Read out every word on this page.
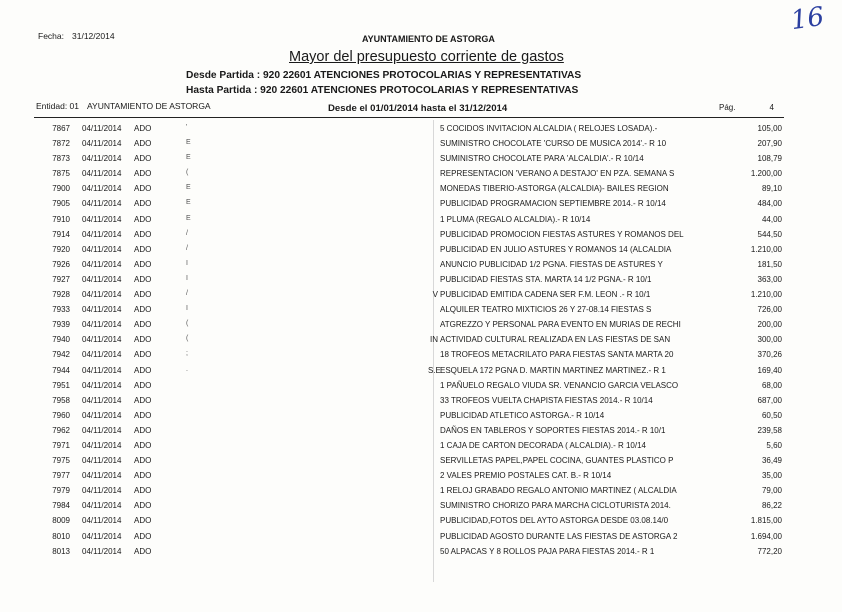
Fecha: 31/12/2014	AYUNTAMIENTO DE ASTORGA
16
Mayor del presupuesto corriente de gastos
Desde Partida : 920 22601 ATENCIONES PROTOCOLARIAS Y REPRESENTATIVAS
Hasta Partida : 920 22601 ATENCIONES PROTOCOLARIAS Y REPRESENTATIVAS
Entidad: 01 AYUNTAMIENTO DE ASTORGA	Desde el 01/01/2014 hasta el 31/12/2014	Pág.	4
7867 04/11/2014 ADO	'	5 COCIDOS INVITACION ALCALDIA ( RELOJES LOSADA).-	105,00
7872 04/11/2014 ADO	E	SUMINISTRO CHOCOLATE 'CURSO DE MUSICA 2014'.- R 10	207,90
7873 04/11/2014 ADO	E	SUMINISTRO CHOCOLATE PARA 'ALCALDIA'.- R 10/14	108,79
7875 04/11/2014 ADO	(	REPRESENTACION 'VERANO A DESTAJO' EN PZA. SEMANA S	1.200,00
7900 04/11/2014 ADO	E	MONEDAS TIBERIO-ASTORGA (ALCALDIA)- BAILES REGION	89,10
7905 04/11/2014 ADO	E	PUBLICIDAD PROGRAMACION SEPTIEMBRE 2014.- R 10/14	484,00
7910 04/11/2014 ADO	E	1 PLUMA (REGALO ALCALDIA).- R 10/14	44,00
7914 04/11/2014 ADO	/	PUBLICIDAD PROMOCION FIESTAS ASTURES Y ROMANOS DEL	544,50
7920 04/11/2014 ADO	/	PUBLICIDAD EN JULIO ASTURES Y ROMANOS 14 (ALCALDIA	1.210,00
7926 04/11/2014 ADO	I	ANUNCIO PUBLICIDAD 1/2 PGNA. FIESTAS DE ASTURES Y	181,50
7927 04/11/2014 ADO	I	PUBLICIDAD FIESTAS STA. MARTA 14 1/2 PGNA.- R 10/1	363,00
7928 04/11/2014 ADO	/	V PUBLICIDAD EMITIDA CADENA SER F.M. LEON .- R 10/1	1.210,00
7933 04/11/2014 ADO	I	ALQUILER TEATRO MIXTICIOS 26 Y 27-08.14 FIESTAS S	726,00
7939 04/11/2014 ADO	(	ATGREZZO Y PERSONAL PARA EVENTO EN MURIAS DE RECHI	200,00
7940 04/11/2014 ADO	(	IN ACTIVIDAD CULTURAL REALIZADA EN LAS FIESTAS DE SAN	300,00
7942 04/11/2014 ADO	;	18 TROFEOS METACRILATO PARA FIESTAS SANTA MARTA 20	370,26
7944 04/11/2014 ADO	.	S.E ESQUELA 172 PGNA D. MARTIN MARTINEZ MARTINEZ.- R 1	169,40
7951 04/11/2014 ADO	1 PAÑUELO REGALO VIUDA SR. VENANCIO GARCIA VELASCO	68,00
7958 04/11/2014 ADO	33 TROFEOS VUELTA CHAPISTA FIESTAS 2014.- R 10/14	687,00
7960 04/11/2014 ADO	PUBLICIDAD ATLETICO ASTORGA.- R 10/14	60,50
7962 04/11/2014 ADO	DAÑOS EN TABLEROS Y SOPORTES FIESTAS 2014.- R 10/1	239,58
7971 04/11/2014 ADO	1 CAJA DE CARTON DECORADA ( ALCALDIA).- R 10/14	5,60
7975 04/11/2014 ADO	SERVILLETAS PAPEL,PAPEL COCINA, GUANTES PLASTICO P	36,49
7977 04/11/2014 ADO	2 VALES PREMIO POSTALES CAT. B.- R 10/14	35,00
7979 04/11/2014 ADO	1 RELOJ GRABADO REGALO ANTONIO MARTINEZ ( ALCALDIA	79,00
7984 04/11/2014 ADO	SUMINISTRO CHORIZO PARA MARCHA CICLOTURISTA 2014.	86,22
8009 04/11/2014 ADO	PUBLICIDAD,FOTOS DEL AYTO ASTORGA DESDE 03.08.14/0	1.815,00
8010 04/11/2014 ADO	PUBLICIDAD AGOSTO DURANTE LAS FIESTAS DE ASTORGA 2	1.694,00
8013 04/11/2014 ADO	50 ALPACAS Y 8 ROLLOS PAJA PARA FIESTAS 2014.- R 1	772,20
